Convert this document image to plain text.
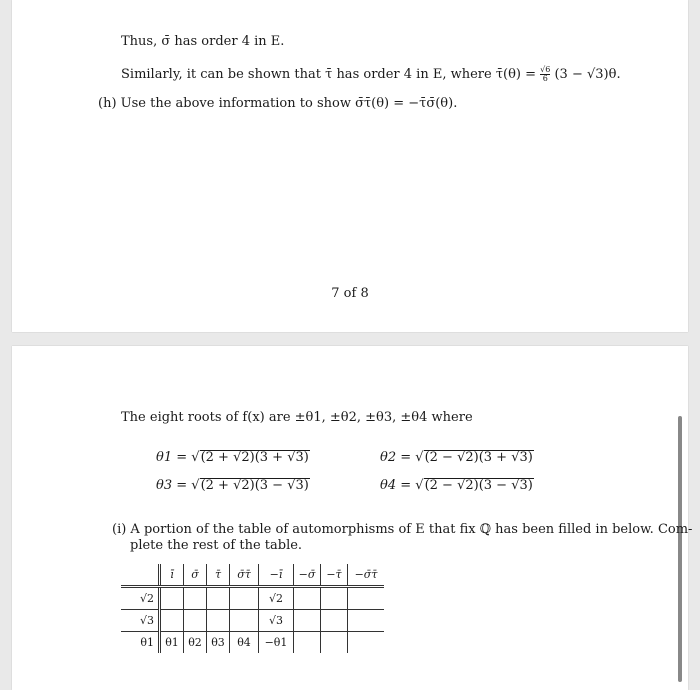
Thus, σ̄ has order 4 in E.
Similarly, it can be shown that τ̄ has order 4 in E, where τ̄(θ) = $\frac{√6}{6} (3 - √3)\theta$.
(h) Use the above information to show σ̄τ̄(θ) = −τ̄σ̄(θ).
7 of 8
The eight roots of f(x) are ±θ1, ±θ2, ±θ3, ±θ4 where
θ1 = √(2 + √2)(3 + √3)	θ2 = √(2 − √2)(3 + √3)
θ3 = √(2 + √2)(3 − √3)	θ4 = √(2 − √2)(3 − √3)
(i) A portion of the table of automorphisms of E that fix ℚ has been filled in below. Com-
plete the rest of the table.
	ī	σ̄	τ̄	σ̄τ̄	−ī	−σ̄	−τ̄	−σ̄τ̄
√2					√2			
√3					√3			
θ1	θ1	θ2	θ3	θ4	−θ1			
